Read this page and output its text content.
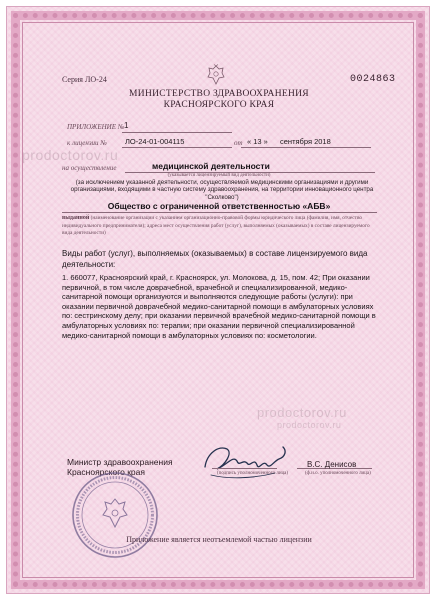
Серия ЛО-24	0024863
МИНИСТЕРСТВО ЗДРАВООХРАНЕНИЯ
КРАСНОЯРСКОГО КРАЯ
ПРИЛОЖЕНИЕ № 1
к лицензии № ЛО-24-01-004115	от « 13 » сентября 2018
на осуществление	медицинской деятельности
(указывается лицензируемый вид деятельности)
(за исключением указанной деятельности, осуществляемой медицинскими организациями и другими организациями, входящими в частную систему здравоохранения, на территории инновационного центра "Сколково")
Общество с ограниченной ответственностью «АБВ»
выданной (наименование организации с указанием организационно-правовой формы юридического лица (фамилия, имя, отчество индивидуального предпринимателя); адреса мест осуществления работ (услуг), выполняемых (оказываемых) в составе лицензируемого вида деятельности)
Виды работ (услуг), выполняемых (оказываемых) в составе лицензируемого вида деятельности:
1. 660077, Красноярский край, г. Красноярск, ул. Молокова, д. 15, пом. 42; При оказании первичной, в том числе доврачебной, врачебной и специализированной, медико-санитарной помощи организуются и выполняются следующие работы (услуги): при оказании первичной доврачебной медико-санитарной помощи в амбулаторных условиях по: сестринскому делу; при оказании первичной врачебной медико-санитарной помощи в амбулаторных условиях по: терапии; при оказании первичной специализированной медико-санитарной помощи в амбулаторных условиях по: косметологии.
prodoctorov.ru
prodoctorov.ru
prodoctorov.ru
Министр здравоохранения
Красноярского края
В.С. Денисов
(подпись уполномоченного лица)	(ф.и.о. уполномоченного лица)
Приложение является неотъемлемой частью лицензии
